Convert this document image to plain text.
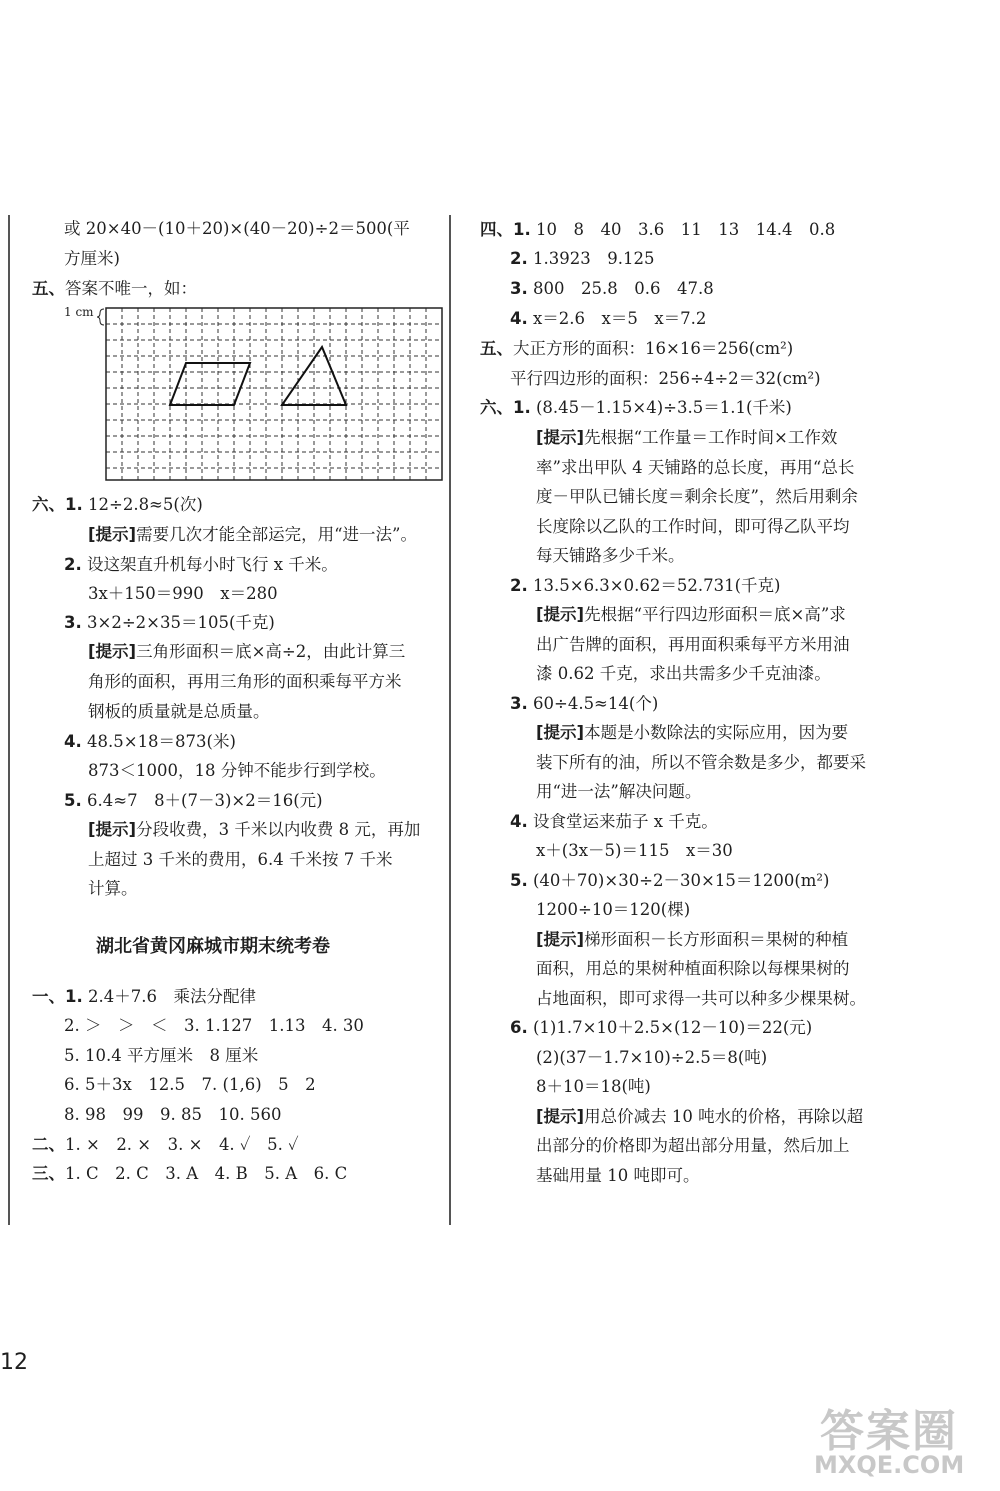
或 20×40－(10＋20)×(40－20)÷2＝500(平
方厘米)
五、答案不唯一，如：
1 cm
六、1. 12÷2.8≈5(次)
[提示]需要几次才能全部运完，用“进一法”。
2. 设这架直升机每小时飞行 x 千米。
3x＋150＝990　x＝280
3. 3×2÷2×35＝105(千克)
[提示]三角形面积＝底×高÷2，由此计算三
角形的面积，再用三角形的面积乘每平方米
钢板的质量就是总质量。
4. 48.5×18＝873(米)
873＜1000，18 分钟不能步行到学校。
5. 6.4≈7　8＋(7－3)×2＝16(元)
[提示]分段收费，3 千米以内收费 8 元，再加
上超过 3 千米的费用，6.4 千米按 7 千米
计算。
湖北省黄冈麻城市期末统考卷
一、1. 2.4＋7.6　乘法分配律
2. ＞　＞　＜　3. 1.127　1.13　4. 30
5. 10.4 平方厘米　8 厘米
6. 5＋3x　12.5　7. (1,6)　5　2
8. 98　99　9. 85　10. 560
二、1. ×　2. ×　3. ×　4. ✓　5. ✓
三、1. C　2. C　3. A　4. B　5. A　6. C
四、1. 10　8　40　3.6　11　13　14.4　0.8
2. 1.3923　9.125
3. 800　25.8　0.6　47.8
4. x＝2.6　x＝5　x＝7.2
五、大正方形的面积：16×16＝256(cm²)
平行四边形的面积：256÷4÷2＝32(cm²)
六、1. (8.45－1.15×4)÷3.5＝1.1(千米)
[提示]先根据“工作量＝工作时间×工作效
率”求出甲队 4 天铺路的总长度，再用“总长
度－甲队已铺长度＝剩余长度”，然后用剩余
长度除以乙队的工作时间，即可得乙队平均
每天铺路多少千米。
2. 13.5×6.3×0.62＝52.731(千克)
[提示]先根据“平行四边形面积＝底×高”求
出广告牌的面积，再用面积乘每平方米用油
漆 0.62 千克，求出共需多少千克油漆。
3. 60÷4.5≈14(个)
[提示]本题是小数除法的实际应用，因为要
装下所有的油，所以不管余数是多少，都要采
用“进一法”解决问题。
4. 设食堂运来茄子 x 千克。
x＋(3x－5)＝115　x＝30
5. (40＋70)×30÷2－30×15＝1200(m²)
1200÷10＝120(棵)
[提示]梯形面积－长方形面积＝果树的种植
面积，用总的果树种植面积除以每棵果树的
占地面积，即可求得一共可以种多少棵果树。
6. (1)1.7×10＋2.5×(12－10)＝22(元)
(2)(37－1.7×10)÷2.5＝8(吨)
8＋10＝18(吨)
[提示]用总价减去 10 吨水的价格，再除以超
出部分的价格即为超出部分用量，然后加上
基础用量 10 吨即可。
12
答案圈
MXQE.COM
